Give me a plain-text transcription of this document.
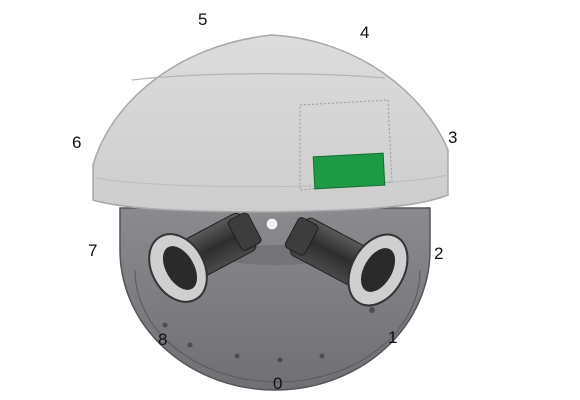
0
1
2
3
4
5
6
7
8
